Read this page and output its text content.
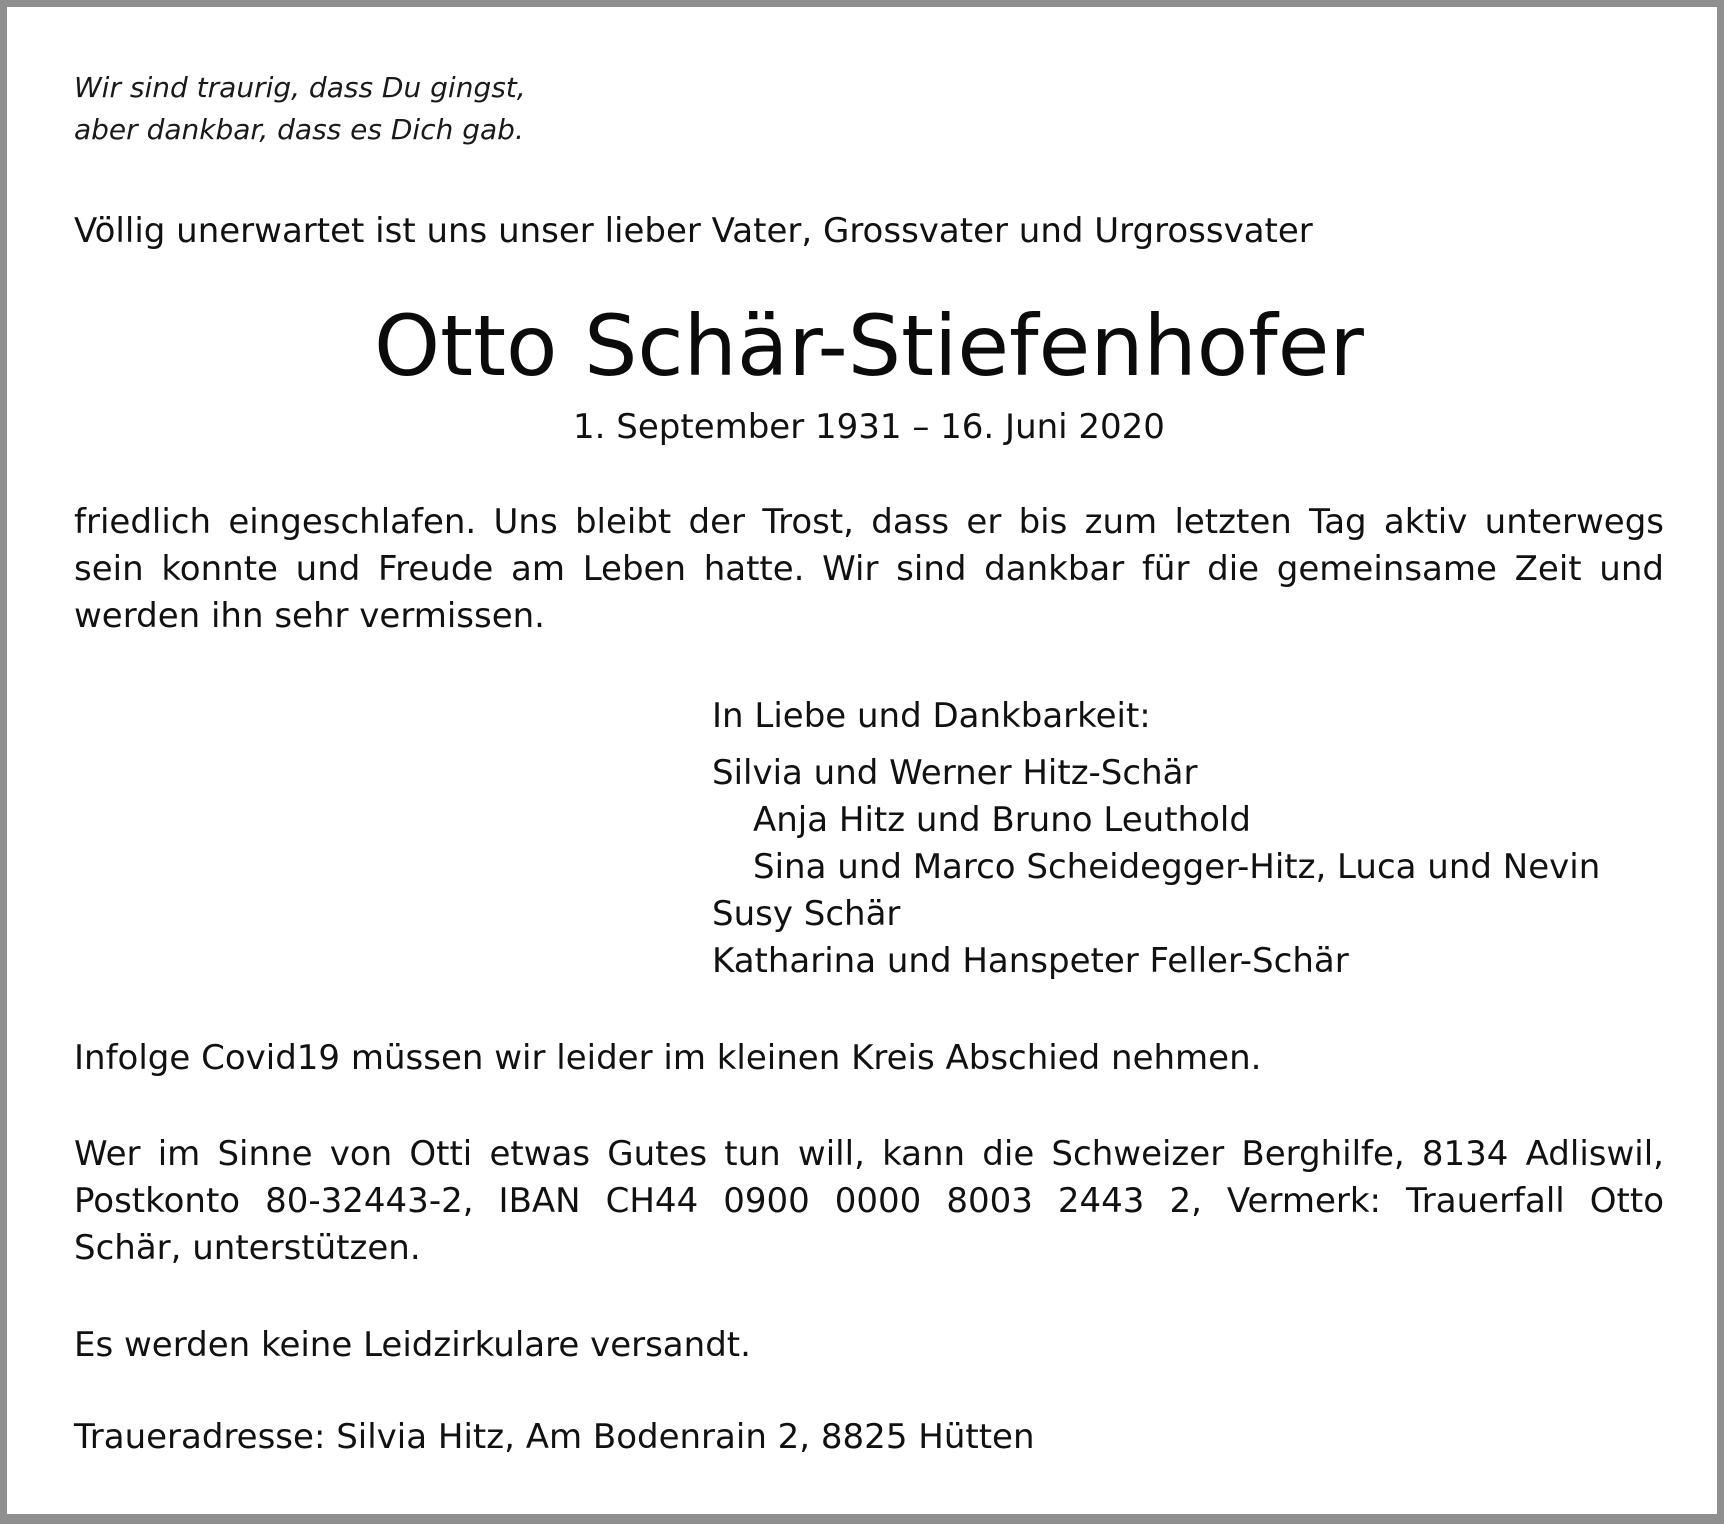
Wir sind traurig, dass Du gingst,
aber dankbar, dass es Dich gab.

Völlig unerwartet ist uns unser lieber Vater, Grossvater und Urgrossvater

Otto Schär-Stiefenhofer

1. September 1931 – 16. Juni 2020

friedlich eingeschlafen. Uns bleibt der Trost, dass er bis zum letzten Tag aktiv unterwegs
sein konnte und Freude am Leben hatte. Wir sind dankbar für die gemeinsame Zeit und
werden ihn sehr vermissen.

In Liebe und Dankbarkeit:
Silvia und Werner Hitz-Schär
Anja Hitz und Bruno Leuthold
Sina und Marco Scheidegger-Hitz, Luca und Nevin
Susy Schär
Katharina und Hanspeter Feller-Schär

Infolge Covid19 müssen wir leider im kleinen Kreis Abschied nehmen.

Wer im Sinne von Otti etwas Gutes tun will, kann die Schweizer Berghilfe, 8134 Adliswil,
Postkonto 80-32443-2, IBAN CH44 0900 0000 8003 2443 2, Vermerk: Trauerfall Otto
Schär, unterstützen.

Es werden keine Leidzirkulare versandt.

Traueradresse: Silvia Hitz, Am Bodenrain 2, 8825 Hütten
